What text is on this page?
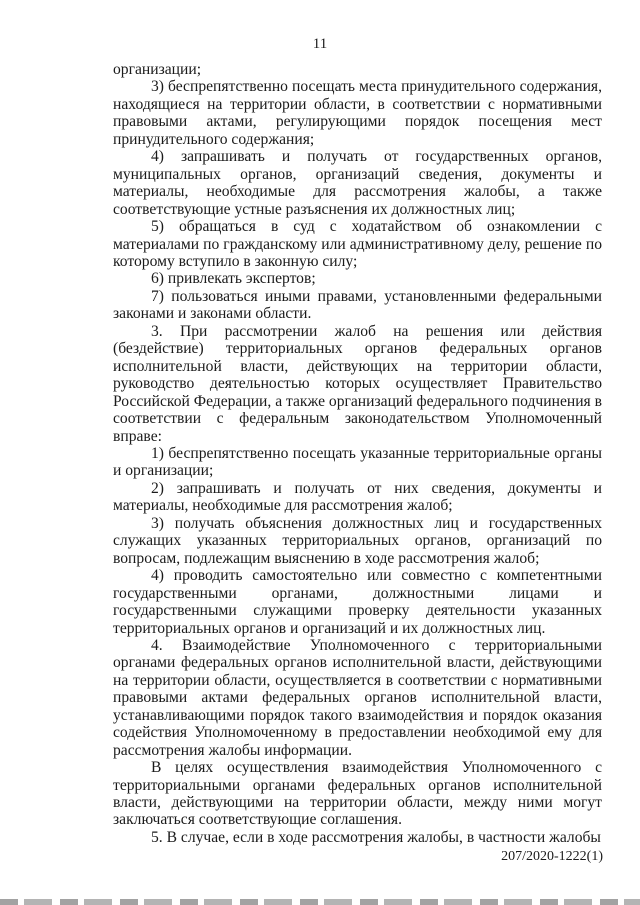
11

организации;

3) беспрепятственно посещать места принудительного содержания, находящиеся на территории области, в соответствии с нормативными правовыми актами, регулирующими порядок посещения мест принудительного содержания;

4) запрашивать и получать от государственных органов, муниципальных органов, организаций сведения, документы и материалы, необходимые для рассмотрения жалобы, а также соответствующие устные разъяснения их должностных лиц;

5) обращаться в суд с ходатайством об ознакомлении с материалами по гражданскому или административному делу, решение по которому вступило в законную силу;

6) привлекать экспертов;

7) пользоваться иными правами, установленными федеральными законами и законами области.

3. При рассмотрении жалоб на решения или действия (бездействие) территориальных органов федеральных органов исполнительной власти, действующих на территории области, руководство деятельностью которых осуществляет Правительство Российской Федерации, а также организаций федерального подчинения в соответствии с федеральным законодательством Уполномоченный вправе:

1) беспрепятственно посещать указанные территориальные органы и организации;

2) запрашивать и получать от них сведения, документы и материалы, необходимые для рассмотрения жалоб;

3) получать объяснения должностных лиц и государственных служащих указанных территориальных органов, организаций по вопросам, подлежащим выяснению в ходе рассмотрения жалоб;

4) проводить самостоятельно или совместно с компетентными государственными органами, должностными лицами и государственными служащими проверку деятельности указанных территориальных органов и организаций и их должностных лиц.

4. Взаимодействие Уполномоченного с территориальными органами федеральных органов исполнительной власти, действующими на территории области, осуществляется в соответствии с нормативными правовыми актами федеральных органов исполнительной власти, устанавливающими порядок такого взаимодействия и порядок оказания содействия Уполномоченному в предоставлении необходимой ему для рассмотрения жалобы информации.

В целях осуществления взаимодействия Уполномоченного с территориальными органами федеральных органов исполнительной власти, действующими на территории области, между ними могут заключаться соответствующие соглашения.

5. В случае, если в ходе рассмотрения жалобы, в частности жалобы

207/2020-1222(1)
